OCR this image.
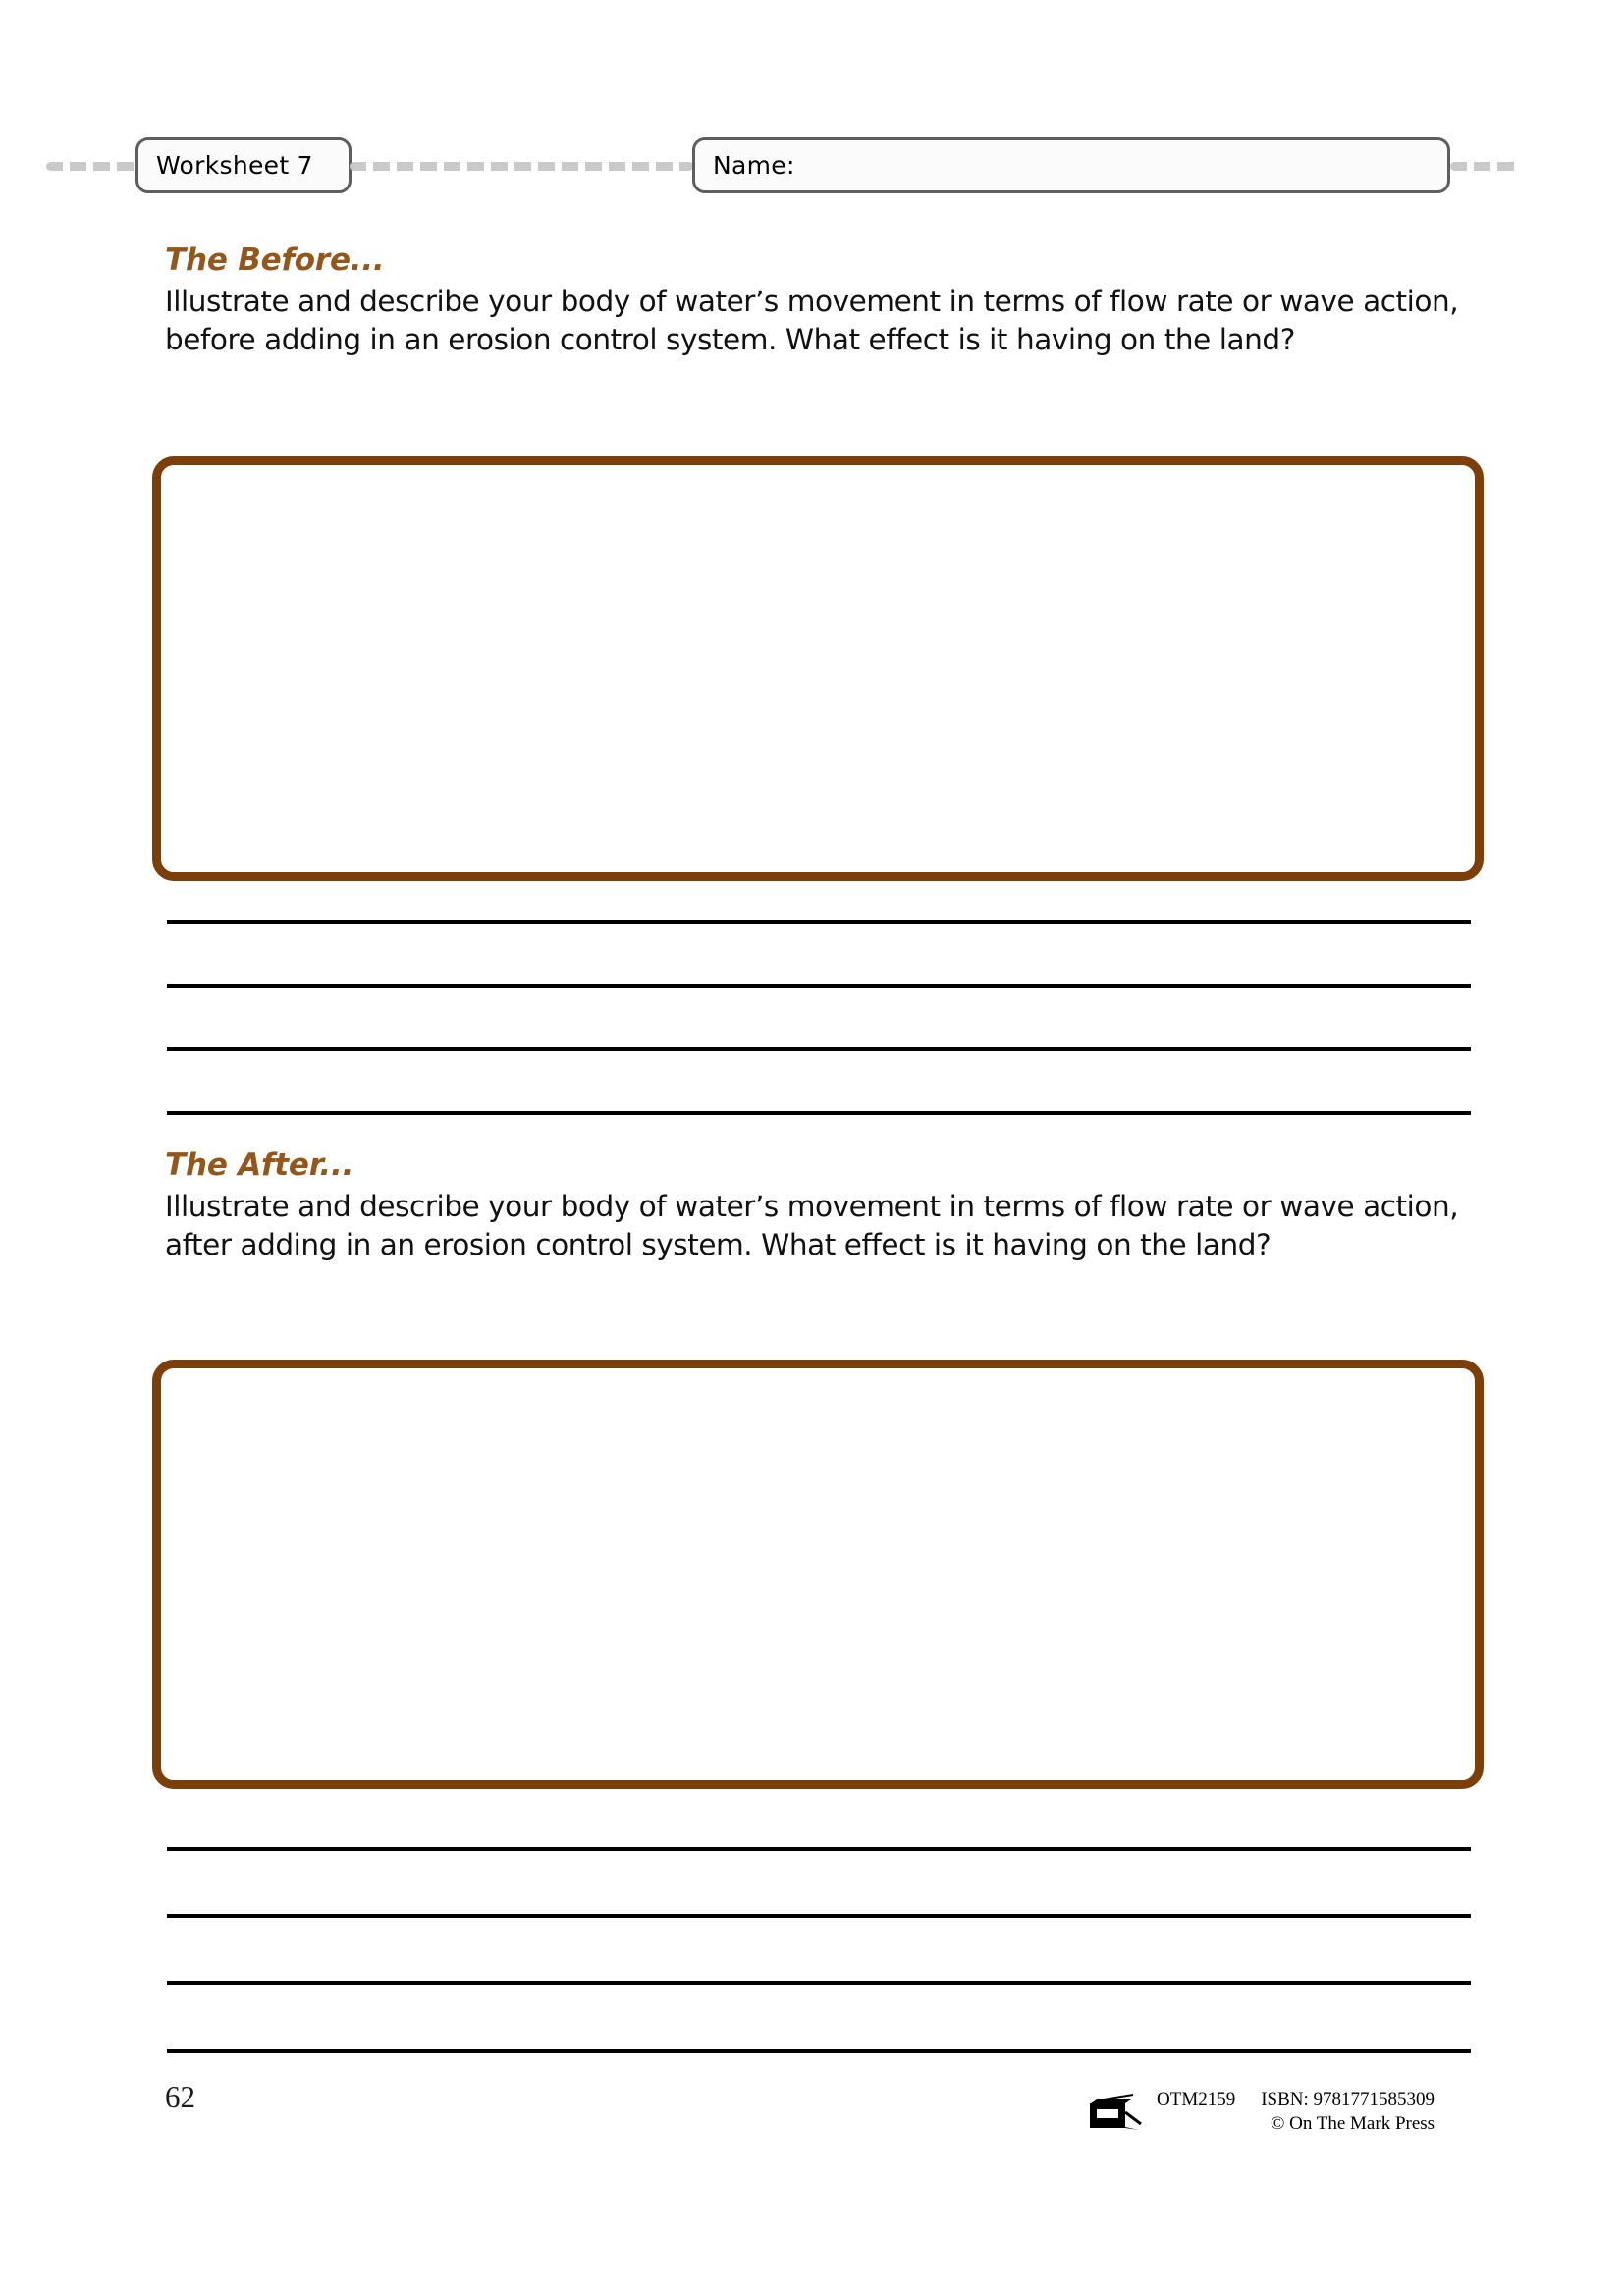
Worksheet 7	Name:

The Before...

Illustrate and describe your body of water’s movement in terms of flow rate or wave action, before adding in an erosion control system. What effect is it having on the land?

The After...

Illustrate and describe your body of water’s movement in terms of flow rate or wave action, after adding in an erosion control system. What effect is it having on the land?

62	OTM2159 ISBN: 9781771585309
© On The Mark Press
